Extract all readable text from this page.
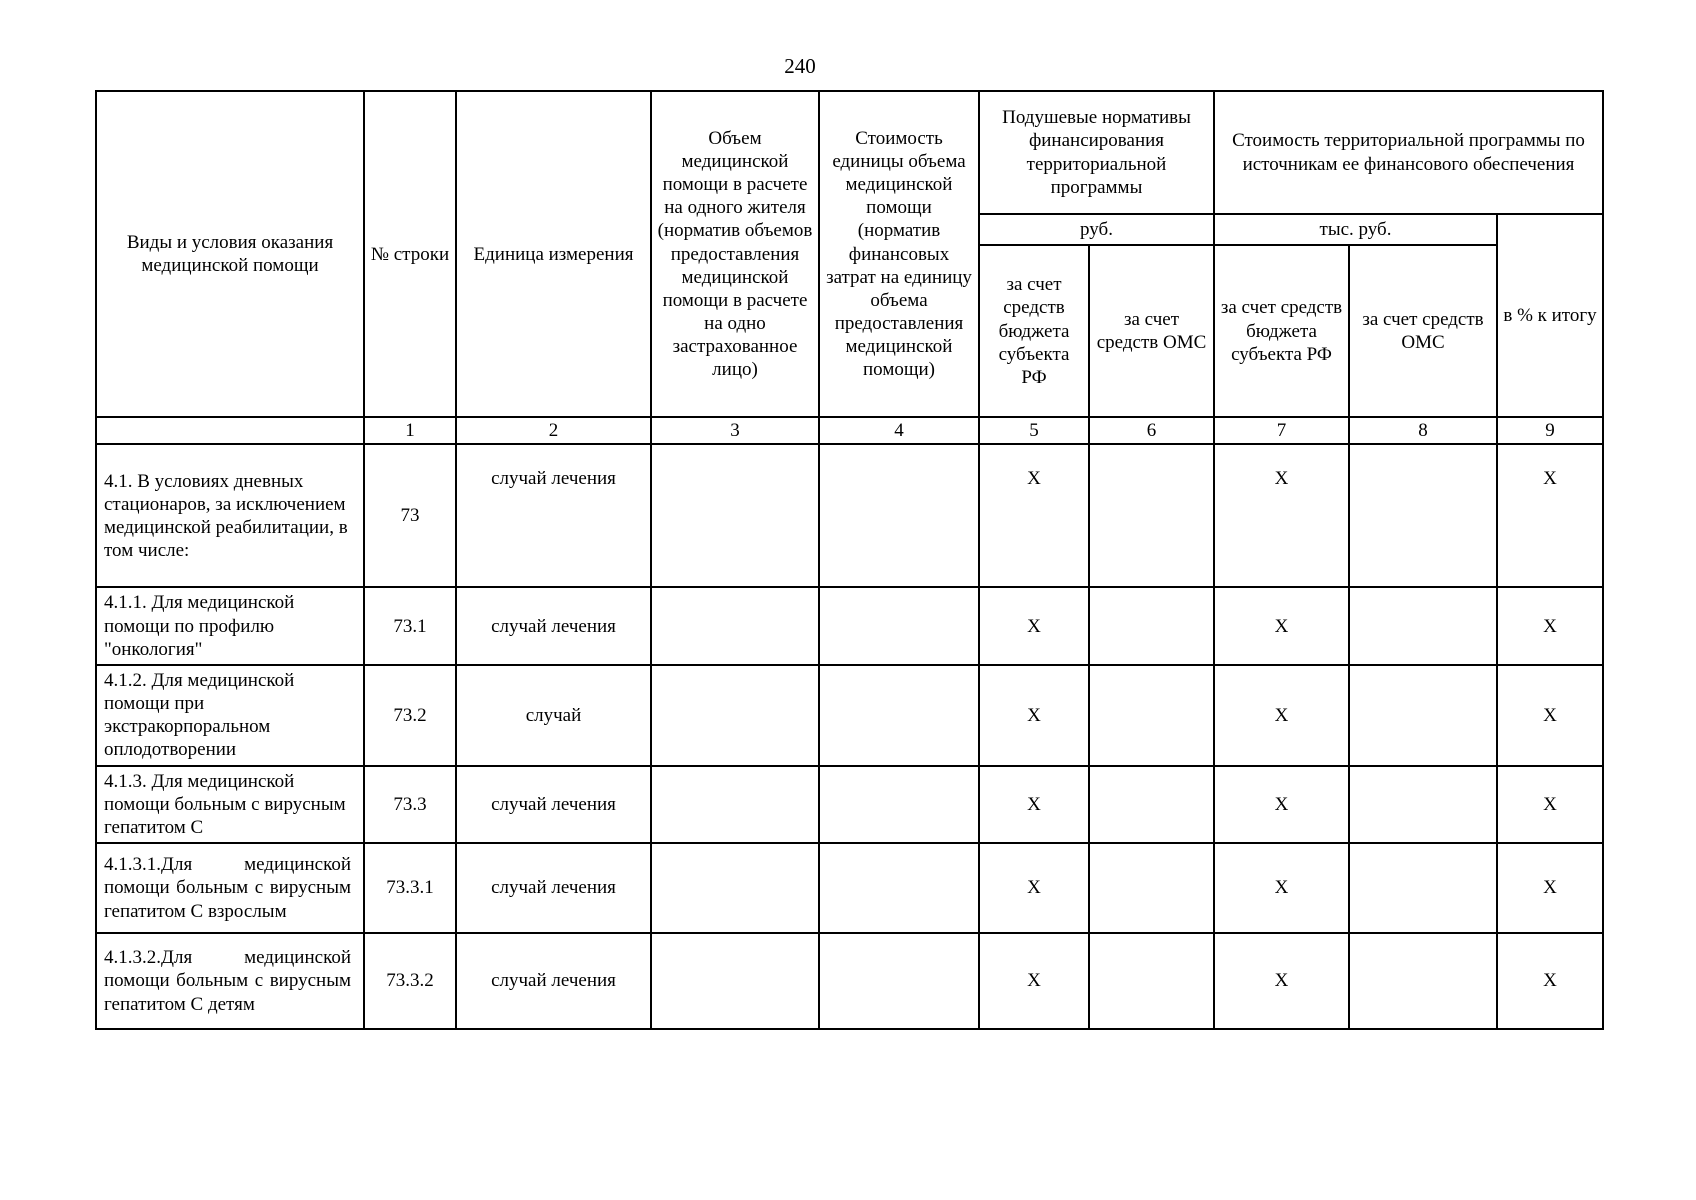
240
Виды и условия оказания медицинской помощи	№ строки	Единица измерения	Объем медицинской помощи в расчете на одного жителя (норматив объемов предоставления медицинской помощи в расчете на одно застрахованное лицо)	Стоимость единицы объема медицинской помощи (норматив финансовых затрат на единицу объема предоставления медицинской помощи)	Подушевые нормативы финансирования территориальной программы		Стоимость территориальной программы по источникам ее финансового обеспечения		
					руб.		тыс. руб.		в % к итогу
					за счет средств бюджета субъекта РФ	за счет средств ОМС	за счет средств бюджета субъекта РФ	за счет средств ОМС	
	1	2	3	4	5	6	7	8	9
4.1. В условиях дневных стационаров, за исключением медицинской реабилитации, в том числе:	73	случай лечения			X		X		X
4.1.1. Для медицинской помощи по профилю "онкология"	73.1	случай лечения			X		X		X
4.1.2. Для медицинской помощи при экстракорпоральном оплодотворении	73.2	случай			X		X		X
4.1.3. Для медицинской помощи больным с вирусным гепатитом С	73.3	случай лечения			X		X		X
4.1.3.1.Для медицинской помощи больным с вирусным гепатитом С взрослым	73.3.1	случай лечения			X		X		X
4.1.3.2.Для медицинской помощи больным с вирусным гепатитом С детям	73.3.2	случай лечения			X		X		X
